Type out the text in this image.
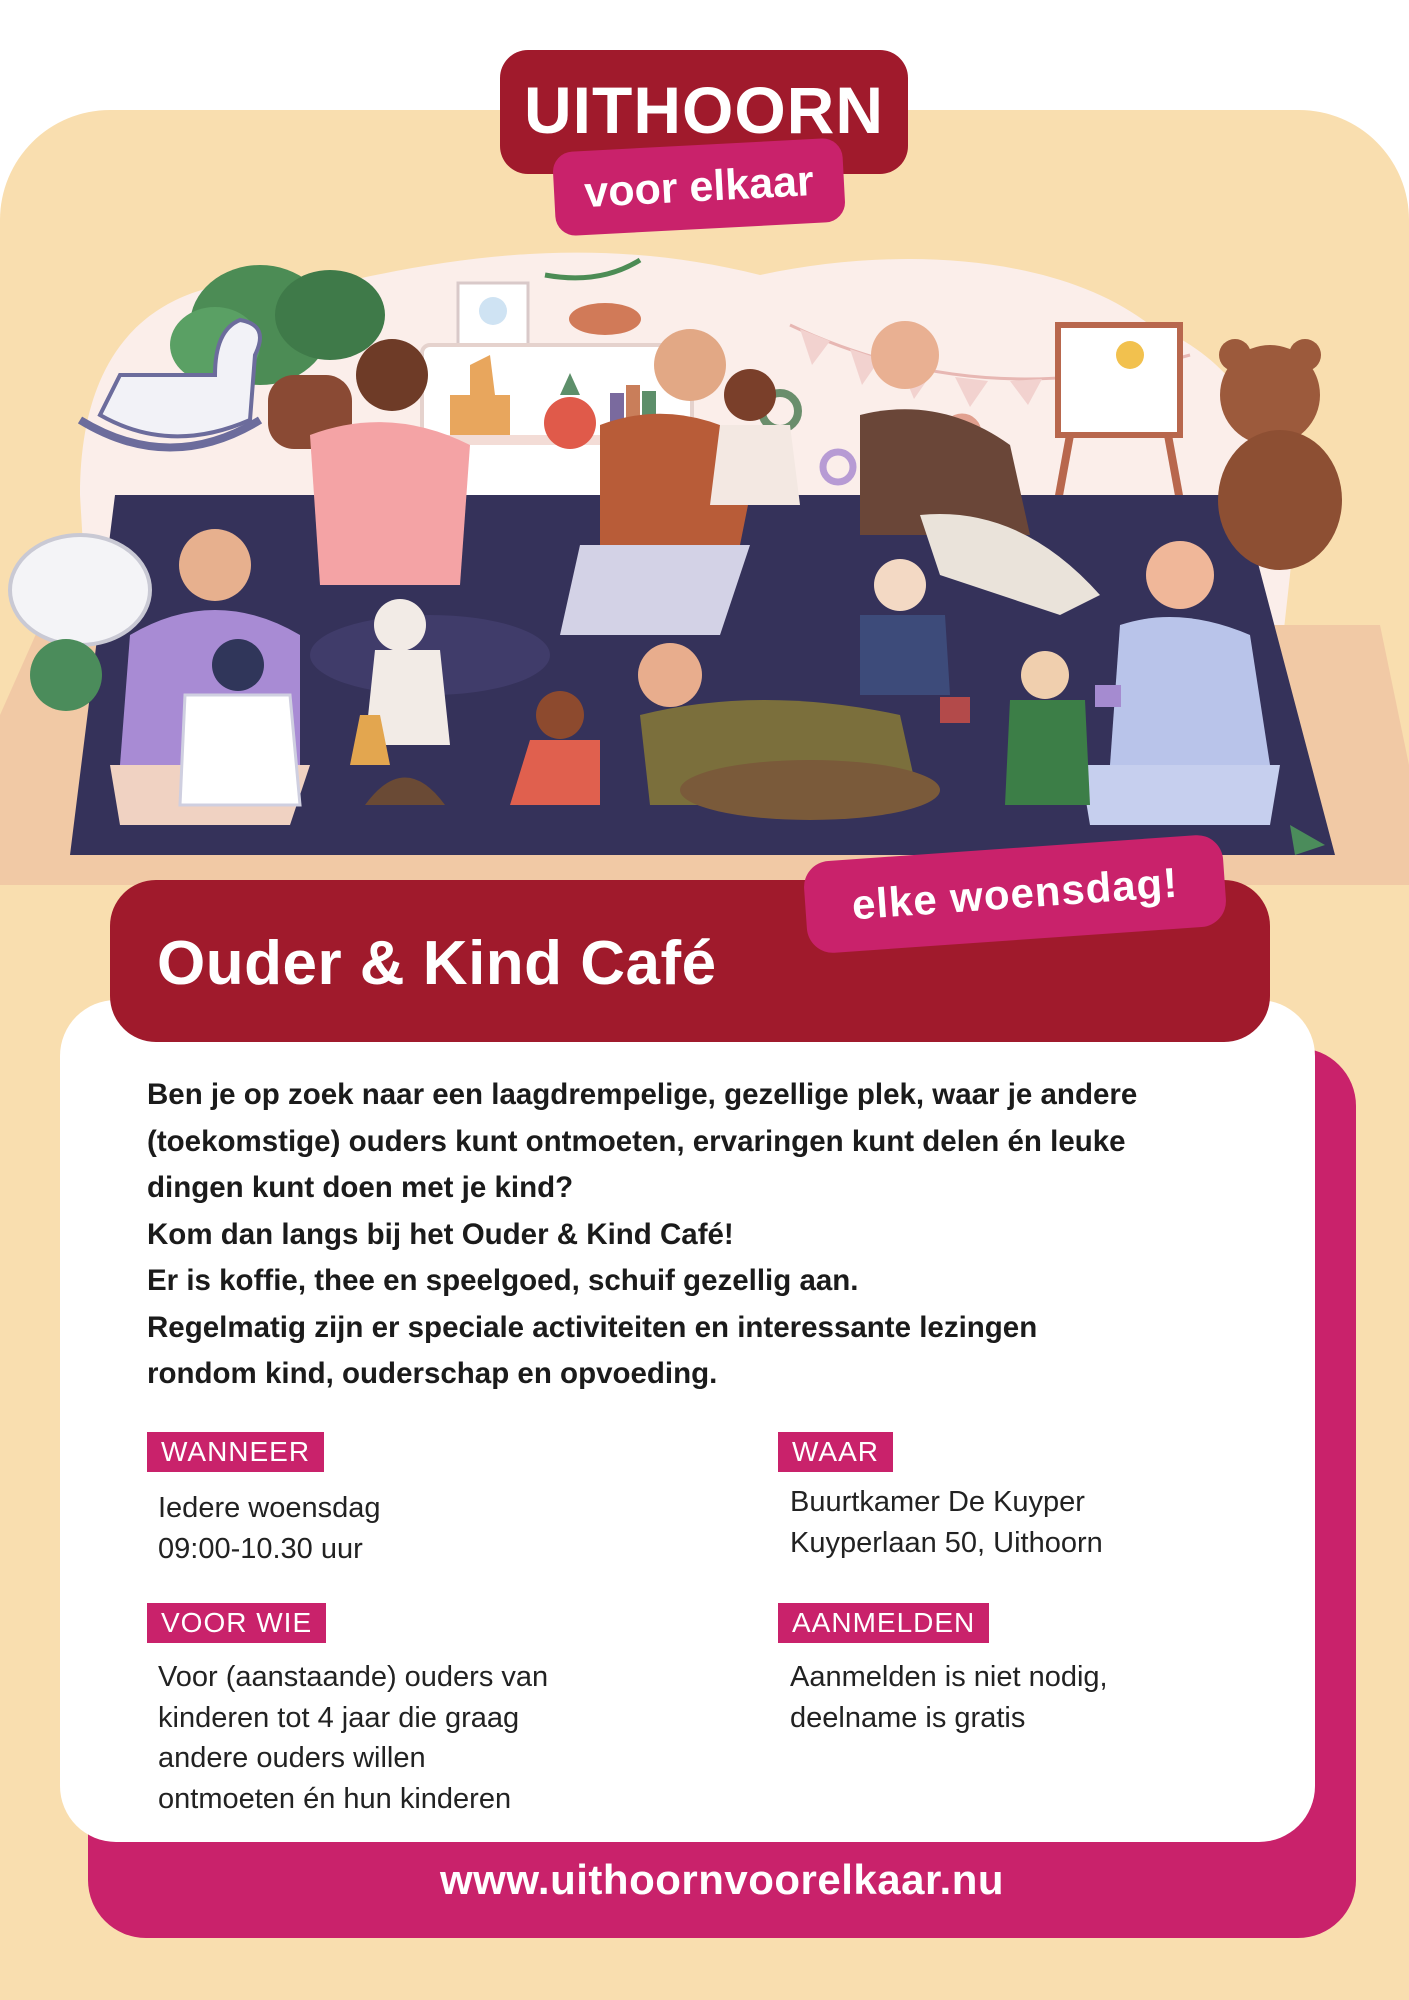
UITHOORN
voor elkaar
Ouder & Kind Café
elke woensdag!

Ben je op zoek naar een laagdrempelige, gezellige plek, waar je andere

(toekomstige) ouders kunt ontmoeten, ervaringen kunt delen én leuke

dingen kunt doen met je kind?

Kom dan langs bij het Ouder & Kind Café!

Er is koffie, thee en speelgoed, schuif gezellig aan.

Regelmatig zijn er speciale activiteiten en interessante lezingen

rondom kind, ouderschap en opvoeding.

WANNEER

Iedere woensdag

09:00-10.30 uur

WAAR

Buurtkamer De Kuyper

Kuyperlaan 50, Uithoorn

VOOR WIE

Voor (aanstaande) ouders van

kinderen tot 4 jaar die graag

andere ouders willen

ontmoeten én hun kinderen

AANMELDEN

Aanmelden is niet nodig,

deelname is gratis

www.uithoornvoorelkaar.nu
